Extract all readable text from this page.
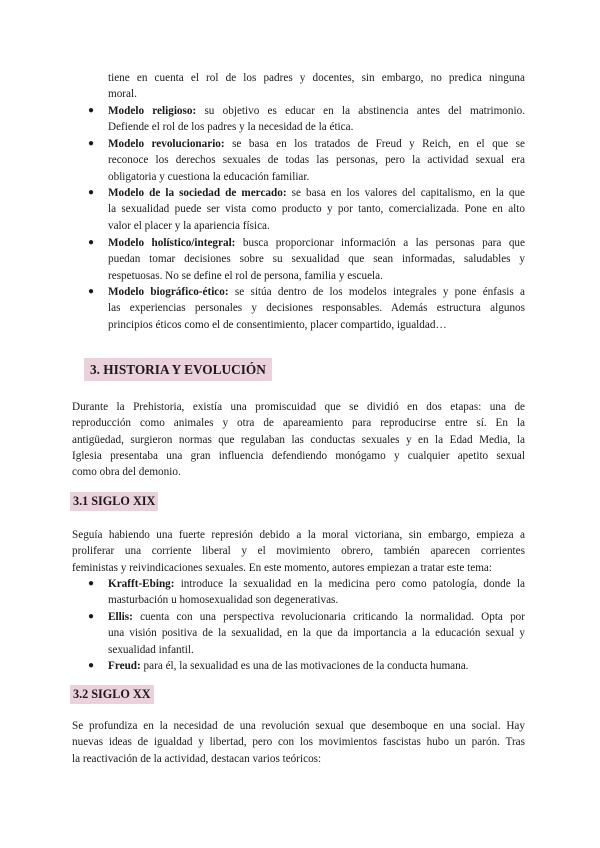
tiene en cuenta el rol de los padres y docentes, sin embargo, no predica ninguna
moral.
● Modelo religioso: su objetivo es educar en la abstinencia antes del matrimonio.
Defiende el rol de los padres y la necesidad de la ética.
● Modelo revolucionario: se basa en los tratados de Freud y Reich, en el que se
reconoce los derechos sexuales de todas las personas, pero la actividad sexual era
obligatoria y cuestiona la educación familiar.
● Modelo de la sociedad de mercado: se basa en los valores del capitalismo, en la que
la sexualidad puede ser vista como producto y por tanto, comercializada. Pone en alto
valor el placer y la apariencia física.
● Modelo holístico/integral: busca proporcionar información a las personas para que
puedan tomar decisiones sobre su sexualidad que sean informadas, saludables y
respetuosas. No se define el rol de persona, familia y escuela.
● Modelo biográfico-ético: se sitúa dentro de los modelos integrales y pone énfasis a
las experiencias personales y decisiones responsables. Además estructura algunos
principios éticos como el de consentimiento, placer compartido, igualdad…
3. HISTORIA Y EVOLUCIÓN
Durante la Prehistoria, existía una promiscuidad que se dividió en dos etapas: una de
reproducción como animales y otra de apareamiento para reproducirse entre sí. En la
antigüedad, surgieron normas que regulaban las conductas sexuales y en la Edad Media, la
Iglesia presentaba una gran influencia defendiendo monógamo y cualquier apetito sexual
como obra del demonio.
3.1 SIGLO XIX
Seguía habiendo una fuerte represión debido a la moral victoriana, sin embargo, empieza a
proliferar una corriente liberal y el movimiento obrero, también aparecen corrientes
feministas y reivindicaciones sexuales. En este momento, autores empiezan a tratar este tema:
● Krafft-Ebing: introduce la sexualidad en la medicina pero como patología, donde la
masturbación u homosexualidad son degenerativas.
● Ellis: cuenta con una perspectiva revolucionaria criticando la normalidad. Opta por
una visión positiva de la sexualidad, en la que da importancia a la educación sexual y
sexualidad infantil.
● Freud: para él, la sexualidad es una de las motivaciones de la conducta humana.
3.2 SIGLO XX
Se profundiza en la necesidad de una revolución sexual que desemboque en una social. Hay
nuevas ideas de igualdad y libertad, pero con los movimientos fascistas hubo un parón. Tras
la reactivación de la actividad, destacan varios teóricos:
